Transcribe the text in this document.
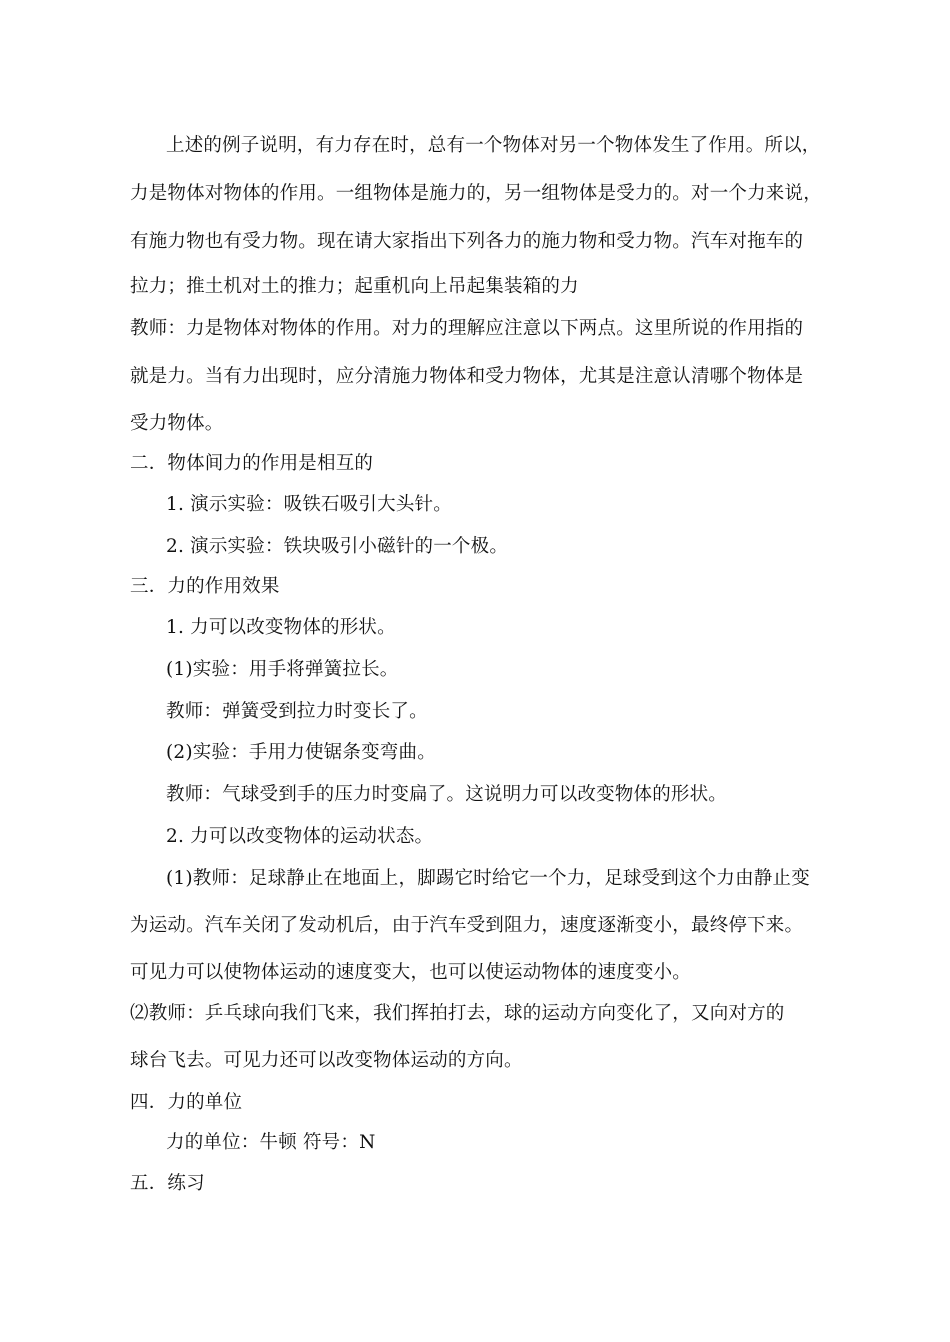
上述的例子说明，有力存在时，总有一个物体对另一个物体发生了作用。所以，
力是物体对物体的作用。一组物体是施力的，另一组物体是受力的。对一个力来说，
有施力物也有受力物。现在请大家指出下列各力的施力物和受力物。汽车对拖车的
拉力；推土机对土的推力；起重机向上吊起集装箱的力
教师：力是物体对物体的作用。对力的理解应注意以下两点。这里所说的作用指的
就是力。当有力出现时，应分清施力物体和受力物体，尤其是注意认清哪个物体是
受力物体。
二．物体间力的作用是相互的
1. 演示实验：吸铁石吸引大头针。
2. 演示实验：铁块吸引小磁针的一个极。
三．力的作用效果
1. 力可以改变物体的形状。
(1)实验：用手将弹簧拉长。
教师：弹簧受到拉力时变长了。
(2)实验：手用力使锯条变弯曲。
教师：气球受到手的压力时变扁了。这说明力可以改变物体的形状。
2. 力可以改变物体的运动状态。
(1)教师：足球静止在地面上，脚踢它时给它一个力，足球受到这个力由静止变
为运动。汽车关闭了发动机后，由于汽车受到阻力，速度逐渐变小，最终停下来。
可见力可以使物体运动的速度变大，也可以使运动物体的速度变小。
⑵教师：乒乓球向我们飞来，我们挥拍打去，球的运动方向变化了，又向对方的
球台飞去。可见力还可以改变物体运动的方向。
四．力的单位
力的单位：牛顿 符号：N
五．练习
